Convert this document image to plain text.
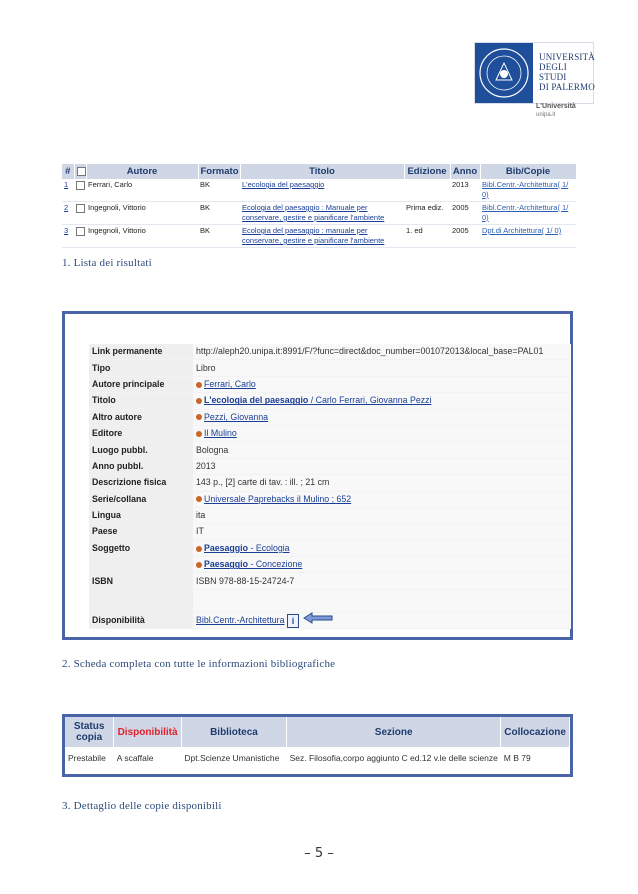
UNIVERSITÀ
DEGLI STUDI
DI PALERMO
L'Università
unipa.it
#		Autore	Formato	Titolo	Edizione	Anno	Bib/Copie
1		Ferrari, Carlo	BK	L'ecologia del paesaggio		2013	Bibl.Centr.-Architettura( 1/ 0)
2		Ingegnoli, Vittorio	BK	Ecologia del paesaggio : Manuale per conservare, gestire e pianificare l'ambiente	Prima ediz.	2005	Bibl.Centr.-Architettura( 1/ 0)
3		Ingegnoli, Vittorio	BK	Ecologia del paesaggio : manuale per conservare, gestire e pianificare l'ambiente	1. ed	2005	Dpt.di Architettura( 1/ 0)
1. Lista dei risultati
Link permanente	http://aleph20.unipa.it:8991/F/?func=direct&doc_number=001072013&local_base=PAL01
Tipo	Libro
Autore principale	Ferrari, Carlo
Titolo	L'ecologia del paesaggio / Carlo Ferrari, Giovanna Pezzi
Altro autore	Pezzi, Giovanna
Editore	Il Mulino
Luogo pubbl.	Bologna
Anno pubbl.	2013
Descrizione fisica	143 p., [2] carte di tav. : ill. ; 21 cm
Serie/collana	Universale Paprebacks il Mulino ; 652
Lingua	ita
Paese	IT
Soggetto	Paesaggio - Ecologia
	Paesaggio - Concezione
ISBN	ISBN 978-88-15-24724-7

Disponibilità	Bibl.Centr.-Architettura i
2. Scheda completa con tutte le informazioni bibliografiche
Status copia	Disponibilità	Biblioteca	Sezione	Collocazione
Prestabile	A scaffale	Dpt.Scienze Umanistiche	Sez. Filosofia,corpo aggiunto C ed.12 v.le delle scienze	M B 79
3. Dettaglio delle copie disponibili
– 5 –
